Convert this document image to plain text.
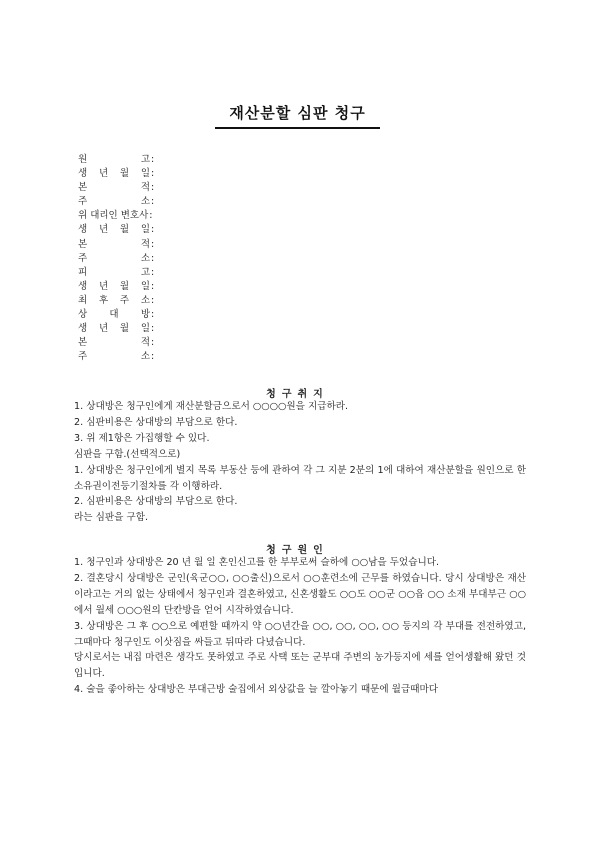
재산분할 심판 청구
원	고 :
생 년 월 일 :
본	적 :
주	소 :
위 대리인 변호사 :
생 년 월 일 :
본	적 :
주	소 :
피	고 :
생 년 월 일 :
최 후 주 소 :
상 대 방 :
생 년 월 일 :
본	적 :
주	소 :
청구취지
1. 상대방은 청구인에게 재산분할금으로서 ○○○○원을 지급하라.
2. 심판비용은 상대방의 부담으로 한다.
3. 위 제1항은 가집행할 수 있다.
심판을 구함.(선택적으로)
1. 상대방은 청구인에게 별지 목록 부동산 등에 관하여 각 그 지분 2분의 1에 대하여 재산분할을 원인으로 한 소유권이전등기절차를 각 이행하라.
2. 심판비용은 상대방의 부담으로 한다.
라는 심판을 구함.
청구원인
1. 청구인과 상대방은 20 년 월 일 혼인신고를 한 부부로써 슬하에 ○○남을 두었습니다.
2. 결혼당시 상대방은 군인(육군○○, ○○출신)으로서 ○○훈련소에 근무를 하였습니다. 당시 상대방은 재산이라고는 거의 없는 상태에서 청구인과 결혼하였고, 신혼생활도 ○○도 ○○군 ○○읍 ○○ 소재 부대부근 ○○에서 월세 ○○○원의 단칸방을 얻어 시작하였습니다.
3. 상대방은 그 후 ○○으로 예편할 때까지 약 ○○년간을 ○○, ○○, ○○, ○○ 등지의 각 부대를 전전하였고, 그때마다 청구인도 이삿짐을 싸들고 뒤따라 다녔습니다.
당시로서는 내집 마련은 생각도 못하였고 주로 사택 또는 군부대 주변의 농가등지에 세를 얻어생활해 왔던 것입니다.
4. 술을 좋아하는 상대방은 부대근방 술집에서 외상값을 늘 깔아놓기 때문에 월급때마다
